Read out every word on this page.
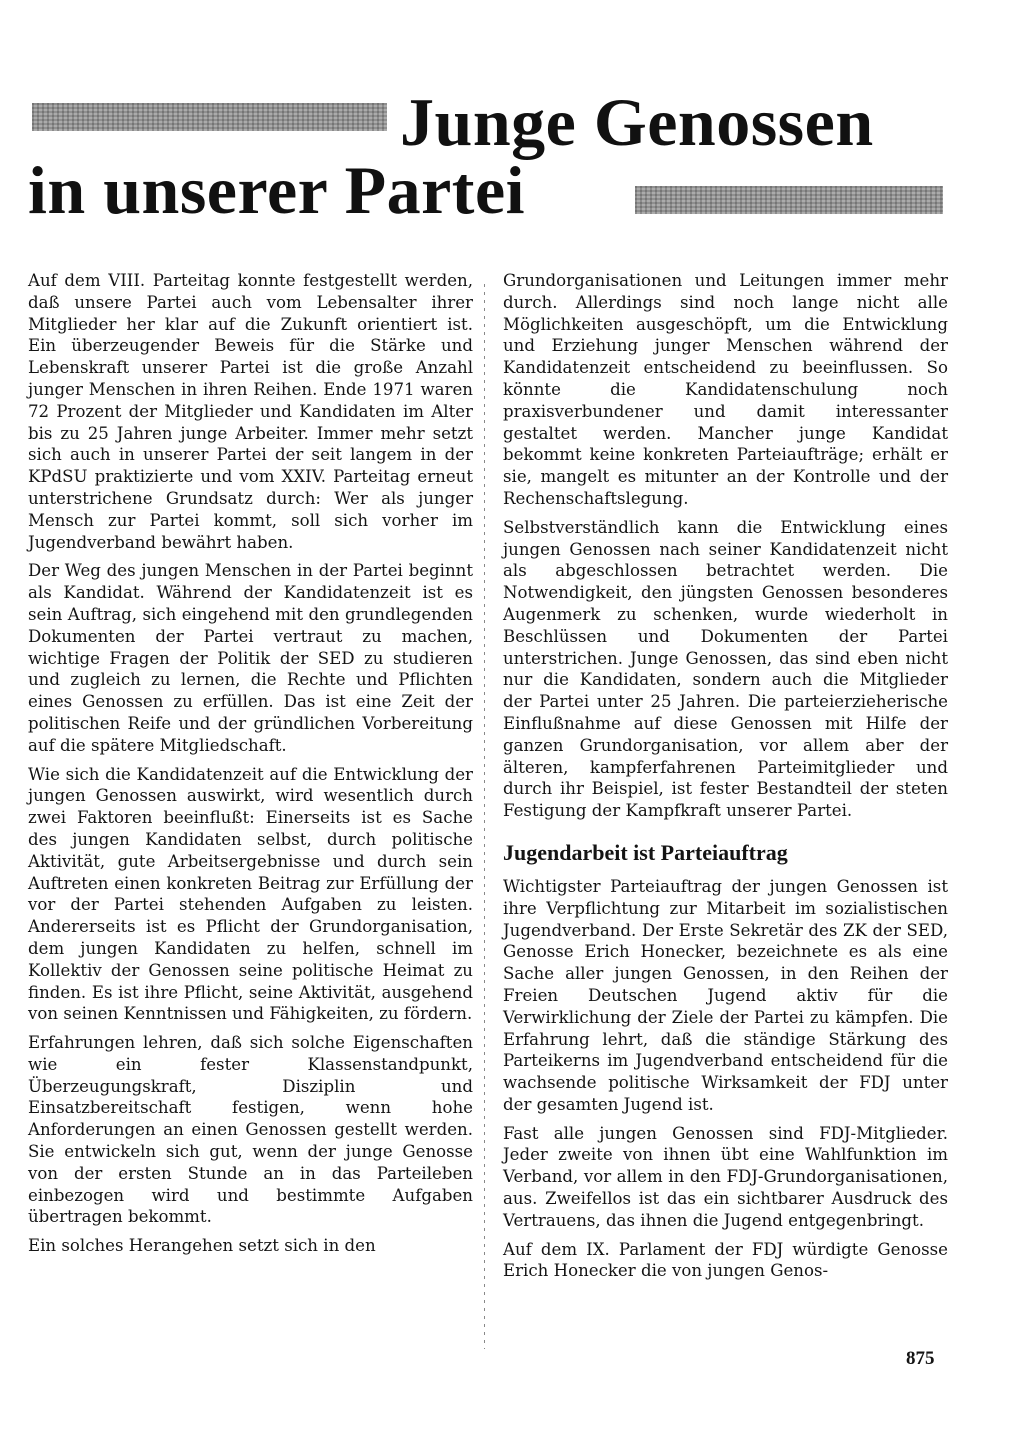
Junge Genossen
in unserer Partei

Auf dem VIII. Parteitag konnte festgestellt werden, daß unsere Partei auch vom Lebensalter ihrer Mitglieder her klar auf die Zukunft orientiert ist. Ein überzeugender Beweis für die Stärke und Lebenskraft unserer Partei ist die große Anzahl junger Menschen in ihren Reihen. Ende 1971 waren 72 Prozent der Mitglieder und Kandidaten im Alter bis zu 25 Jahren junge Arbeiter. Immer mehr setzt sich auch in unserer Partei der seit langem in der KPdSU praktizierte und vom XXIV. Parteitag erneut unterstrichene Grundsatz durch: Wer als junger Mensch zur Partei kommt, soll sich vorher im Jugendverband bewährt haben.

Der Weg des jungen Menschen in der Partei beginnt als Kandidat. Während der Kandidatenzeit ist es sein Auftrag, sich eingehend mit den grundlegenden Dokumenten der Partei vertraut zu machen, wichtige Fragen der Politik der SED zu studieren und zugleich zu lernen, die Rechte und Pflichten eines Genossen zu erfüllen. Das ist eine Zeit der politischen Reife und der gründlichen Vorbereitung auf die spätere Mitgliedschaft.

Wie sich die Kandidatenzeit auf die Entwicklung der jungen Genossen auswirkt, wird wesentlich durch zwei Faktoren beeinflußt: Einerseits ist es Sache des jungen Kandidaten selbst, durch politische Aktivität, gute Arbeitsergebnisse und durch sein Auftreten einen konkreten Beitrag zur Erfüllung der vor der Partei stehenden Aufgaben zu leisten. Andererseits ist es Pflicht der Grundorganisation, dem jungen Kandidaten zu helfen, schnell im Kollektiv der Genossen seine politische Heimat zu finden. Es ist ihre Pflicht, seine Aktivität, ausgehend von seinen Kenntnissen und Fähigkeiten, zu fördern.

Erfahrungen lehren, daß sich solche Eigenschaften wie ein fester Klassenstandpunkt, Überzeugungskraft, Disziplin und Einsatzbereitschaft festigen, wenn hohe Anforderungen an einen Genossen gestellt werden. Sie entwickeln sich gut, wenn der junge Genosse von der ersten Stunde an in das Parteileben einbezogen wird und bestimmte Aufgaben übertragen bekommt.

Ein solches Herangehen setzt sich in den

Grundorganisationen und Leitungen immer mehr durch. Allerdings sind noch lange nicht alle Möglichkeiten ausgeschöpft, um die Entwicklung und Erziehung junger Menschen während der Kandidatenzeit entscheidend zu beeinflussen. So könnte die Kandidatenschulung noch praxisverbundener und damit interessanter gestaltet werden. Mancher junge Kandidat bekommt keine konkreten Parteiaufträge; erhält er sie, mangelt es mitunter an der Kontrolle und der Rechenschaftslegung.

Selbstverständlich kann die Entwicklung eines jungen Genossen nach seiner Kandidatenzeit nicht als abgeschlossen betrachtet werden. Die Notwendigkeit, den jüngsten Genossen besonderes Augenmerk zu schenken, wurde wiederholt in Beschlüssen und Dokumenten der Partei unterstrichen. Junge Genossen, das sind eben nicht nur die Kandidaten, sondern auch die Mitglieder der Partei unter 25 Jahren. Die parteierzieherische Einflußnahme auf diese Genossen mit Hilfe der ganzen Grundorganisation, vor allem aber der älteren, kampferfahrenen Parteimitglieder und durch ihr Beispiel, ist fester Bestandteil der steten Festigung der Kampfkraft unserer Partei.

Jugendarbeit ist Parteiauftrag

Wichtigster Parteiauftrag der jungen Genossen ist ihre Verpflichtung zur Mitarbeit im sozialistischen Jugendverband. Der Erste Sekretär des ZK der SED, Genosse Erich Honecker, bezeichnete es als eine Sache aller jungen Genossen, in den Reihen der Freien Deutschen Jugend aktiv für die Verwirklichung der Ziele der Partei zu kämpfen. Die Erfahrung lehrt, daß die ständige Stärkung des Parteikerns im Jugendverband entscheidend für die wachsende politische Wirksamkeit der FDJ unter der gesamten Jugend ist.

Fast alle jungen Genossen sind FDJ-Mitglieder. Jeder zweite von ihnen übt eine Wahlfunktion im Verband, vor allem in den FDJ-Grundorganisationen, aus. Zweifellos ist das ein sichtbarer Ausdruck des Vertrauens, das ihnen die Jugend entgegenbringt.

Auf dem IX. Parlament der FDJ würdigte Genosse Erich Honecker die von jungen Genos-

875
